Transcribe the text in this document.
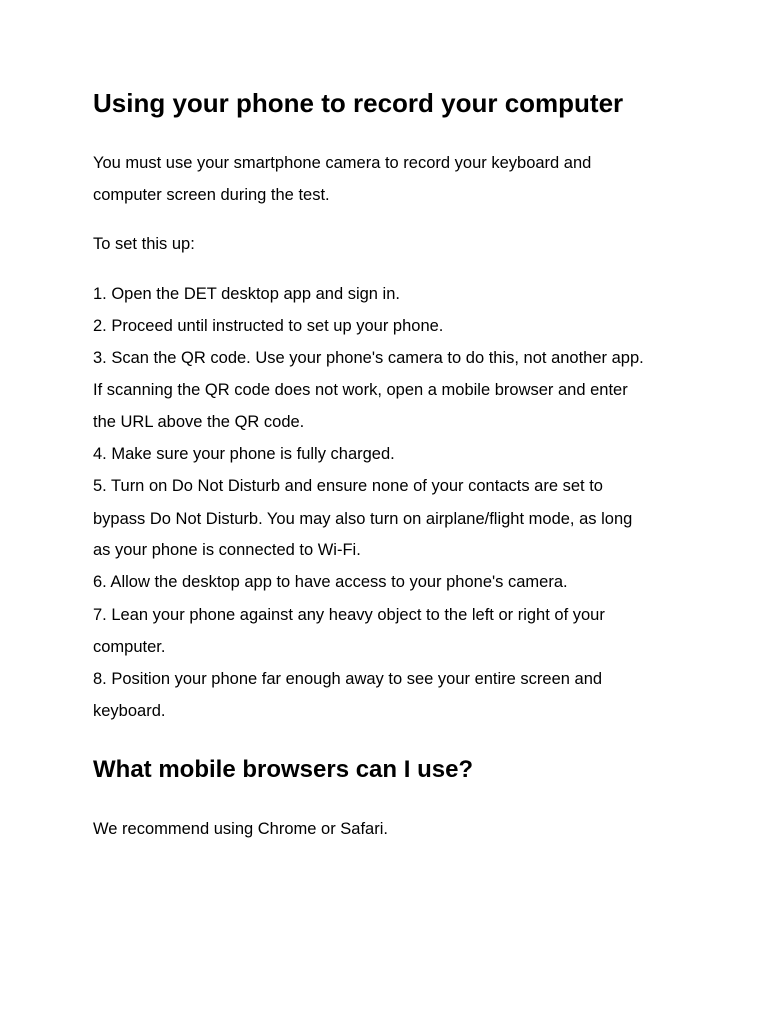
Using your phone to record your computer

You must use your smartphone camera to record your keyboard and

computer screen during the test.

To set this up:

1. Open the DET desktop app and sign in.

2. Proceed until instructed to set up your phone.

3. Scan the QR code. Use your phone's camera to do this, not another app.

If scanning the QR code does not work, open a mobile browser and enter

the URL above the QR code.

4. Make sure your phone is fully charged.

5. Turn on Do Not Disturb and ensure none of your contacts are set to

bypass Do Not Disturb. You may also turn on airplane/flight mode, as long

as your phone is connected to Wi-Fi.

6. Allow the desktop app to have access to your phone's camera.

7. Lean your phone against any heavy object to the left or right of your

computer.

8. Position your phone far enough away to see your entire screen and

keyboard.

What mobile browsers can I use?

We recommend using Chrome or Safari.
